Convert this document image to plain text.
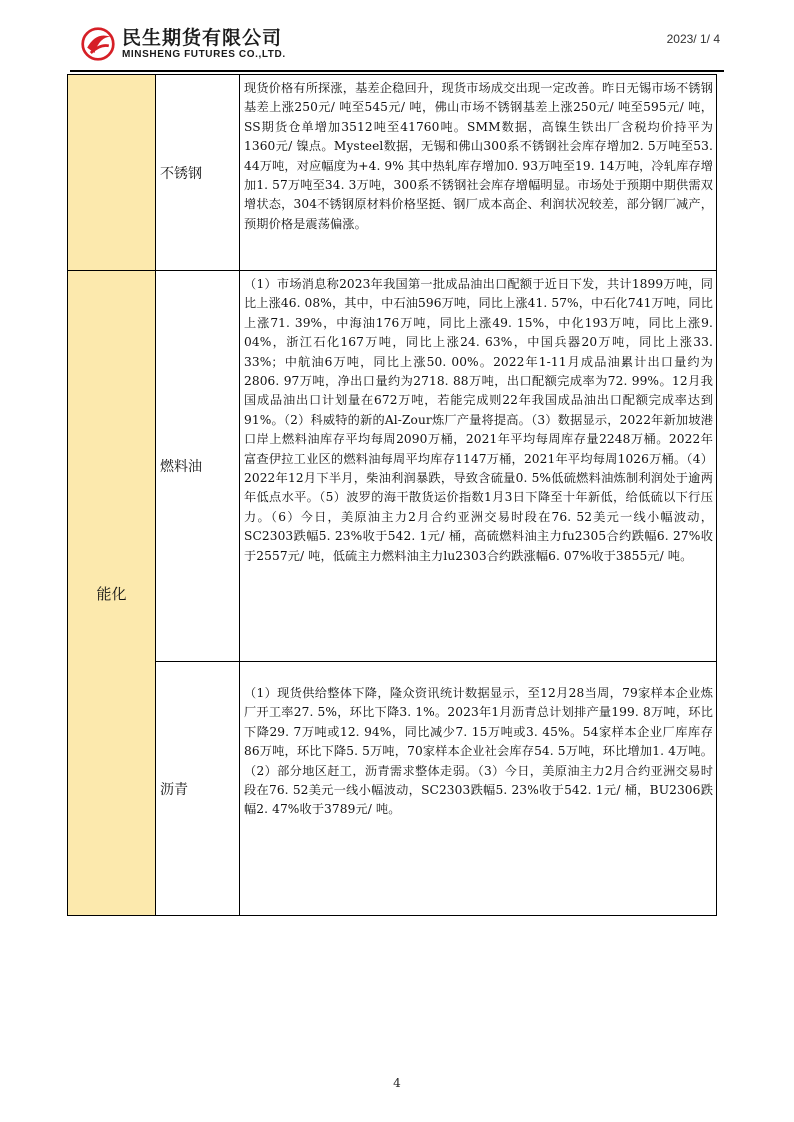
民生期货有限公司
MINSHENG FUTURES CO.,LTD.
2023/ 1/ 4
	不锈钢	现货价格有所探涨，基差企稳回升，现货市场成交出现一定改善。昨日无锡市场不锈钢基差上涨250元/ 吨至545元/ 吨，佛山市场不锈钢基差上涨250元/ 吨至595元/ 吨，SS期货仓单增加3512吨至41760吨。SMM数据，高镍生铁出厂含税均价持平为1360元/ 镍点。Mysteel数据，无锡和佛山300系不锈钢社会库存增加2. 5万吨至53. 44万吨，对应幅度为+4. 9% 其中热轧库存增加0. 93万吨至19. 14万吨，冷轧库存增加1. 57万吨至34. 3万吨，300系不锈钢社会库存增幅明显。市场处于预期中期供需双增状态，304不锈钢原材料价格坚挺、钢厂成本高企、利润状况较差，部分钢厂减产，预期价格是震荡偏涨。

能化	燃料油	（1）市场消息称2023年我国第一批成品油出口配额于近日下发，共计1899万吨，同比上涨46. 08%，其中，中石油596万吨，同比上涨41. 57%，中石化741万吨，同比上涨71. 39%，中海油176万吨，同比上涨49. 15%，中化193万吨，同比上涨9. 04%，浙江石化167万吨，同比上涨24. 63%，中国兵器20万吨，同比上涨33. 33%；中航油6万吨，同比上涨50. 00%。2022年1-11月成品油累计出口量约为2806. 97万吨，净出口量约为2718. 88万吨，出口配额完成率为72. 99%。12月我国成品油出口计划量在672万吨，若能完成则22年我国成品油出口配额完成率达到91%。（2）科威特的新的Al-Zour炼厂产量将提高。（3）数据显示，2022年新加坡港口岸上燃料油库存平均每周2090万桶，2021年平均每周库存量2248万桶。2022年富查伊拉工业区的燃料油每周平均库存1147万桶，2021年平均每周1026万桶。（4）2022年12月下半月，柴油利润暴跌，导致含硫量0. 5%低硫燃料油炼制利润处于逾两年低点水平。（5）波罗的海干散货运价指数1月3日下降至十年新低，给低硫以下行压力。（6）今日，美原油主力2月合约亚洲交易时段在76. 52美元一线小幅波动，SC2303跌幅5. 23%收于542. 1元/ 桶，高硫燃料油主力fu2305合约跌幅6. 27%收于2557元/ 吨，低硫主力燃料油主力lu2303合约跌涨幅6. 07%收于3855元/ 吨。

	沥青	（1）现货供给整体下降，隆众资讯统计数据显示，至12月28当周，79家样本企业炼厂开工率27. 5%，环比下降3. 1%。2023年1月沥青总计划排产量199. 8万吨，环比下降29. 7万吨或12. 94%，同比减少7. 15万吨或3. 45%。54家样本企业厂库库存86万吨，环比下降5. 5万吨，70家样本企业社会库存54. 5万吨，环比增加1. 4万吨。（2）部分地区赶工，沥青需求整体走弱。（3）今日，美原油主力2月合约亚洲交易时段在76. 52美元一线小幅波动，SC2303跌幅5. 23%收于542. 1元/ 桶，BU2306跌幅2. 47%收于3789元/ 吨。

4
